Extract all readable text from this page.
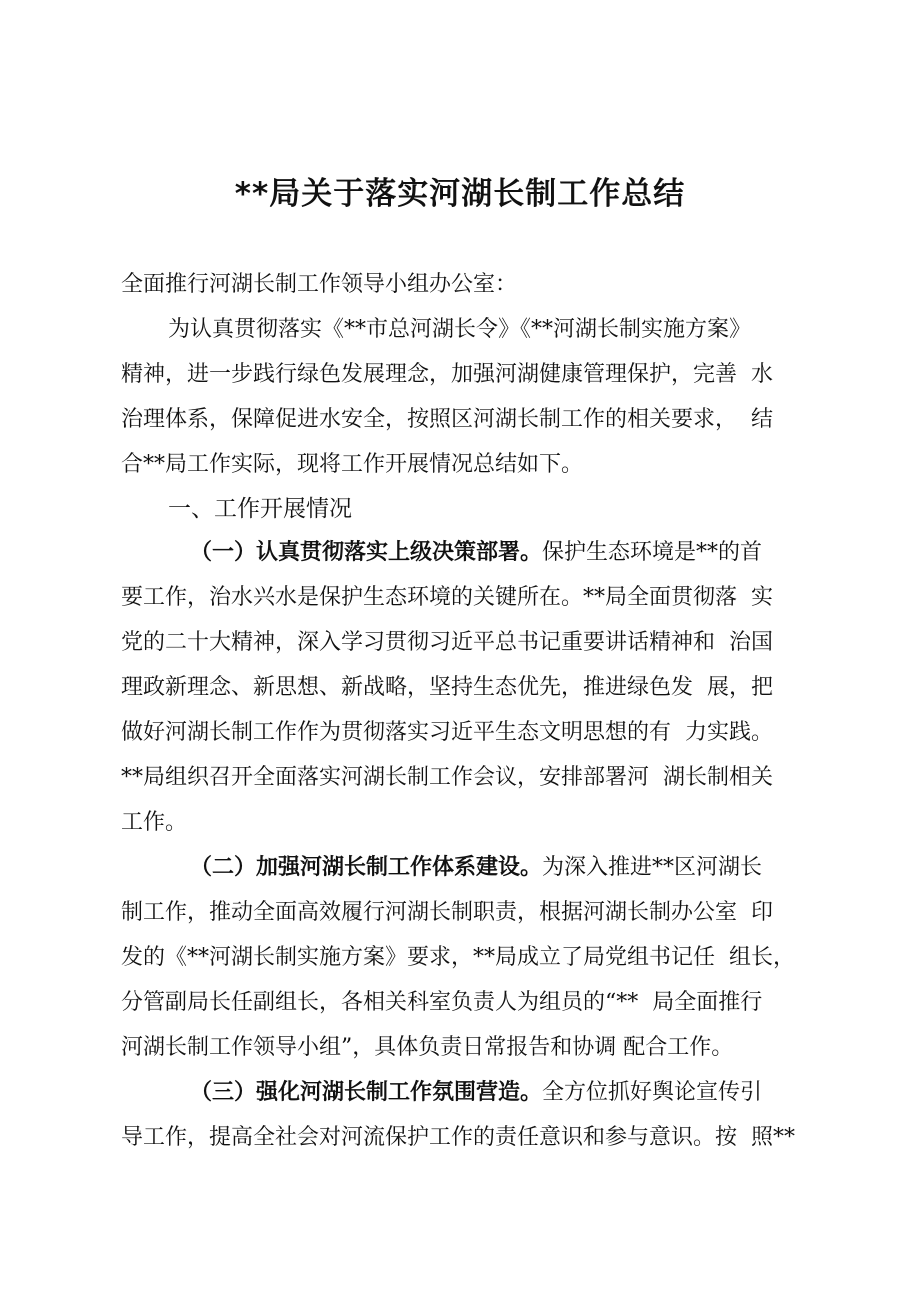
**局关于落实河湖长制工作总结
全面推行河湖长制工作领导小组办公室：
为认真贯彻落实《**市总河湖长令》《**河湖长制实施方案》
精神，进一步践行绿色发展理念，加强河湖健康管理保护，完善  水
治理体系，保障促进水安全，按照区河湖长制工作的相关要求，  结
合**局工作实际，现将工作开展情况总结如下。
一、工作开展情况
（一）认真贯彻落实上级决策部署。保护生态环境是**的首
要工作，治水兴水是保护生态环境的关键所在。**局全面贯彻落  实
党的二十大精神，深入学习贯彻习近平总书记重要讲话精神和  治国
理政新理念、新思想、新战略，坚持生态优先，推进绿色发  展，把
做好河湖长制工作作为贯彻落实习近平生态文明思想的有  力实践。
**局组织召开全面落实河湖长制工作会议，安排部署河  湖长制相关
工作。
（二）加强河湖长制工作体系建设。为深入推进**区河湖长
制工作，推动全面高效履行河湖长制职责，根据河湖长制办公室  印
发的《**河湖长制实施方案》要求，**局成立了局党组书记任  组长，
分管副局长任副组长，各相关科室负责人为组员的“**  局全面推行
河湖长制工作领导小组”，具体负责日常报告和协调 配合工作。
（三）强化河湖长制工作氛围营造。全方位抓好舆论宣传引
导工作，提高全社会对河流保护工作的责任意识和参与意识。按  照**
